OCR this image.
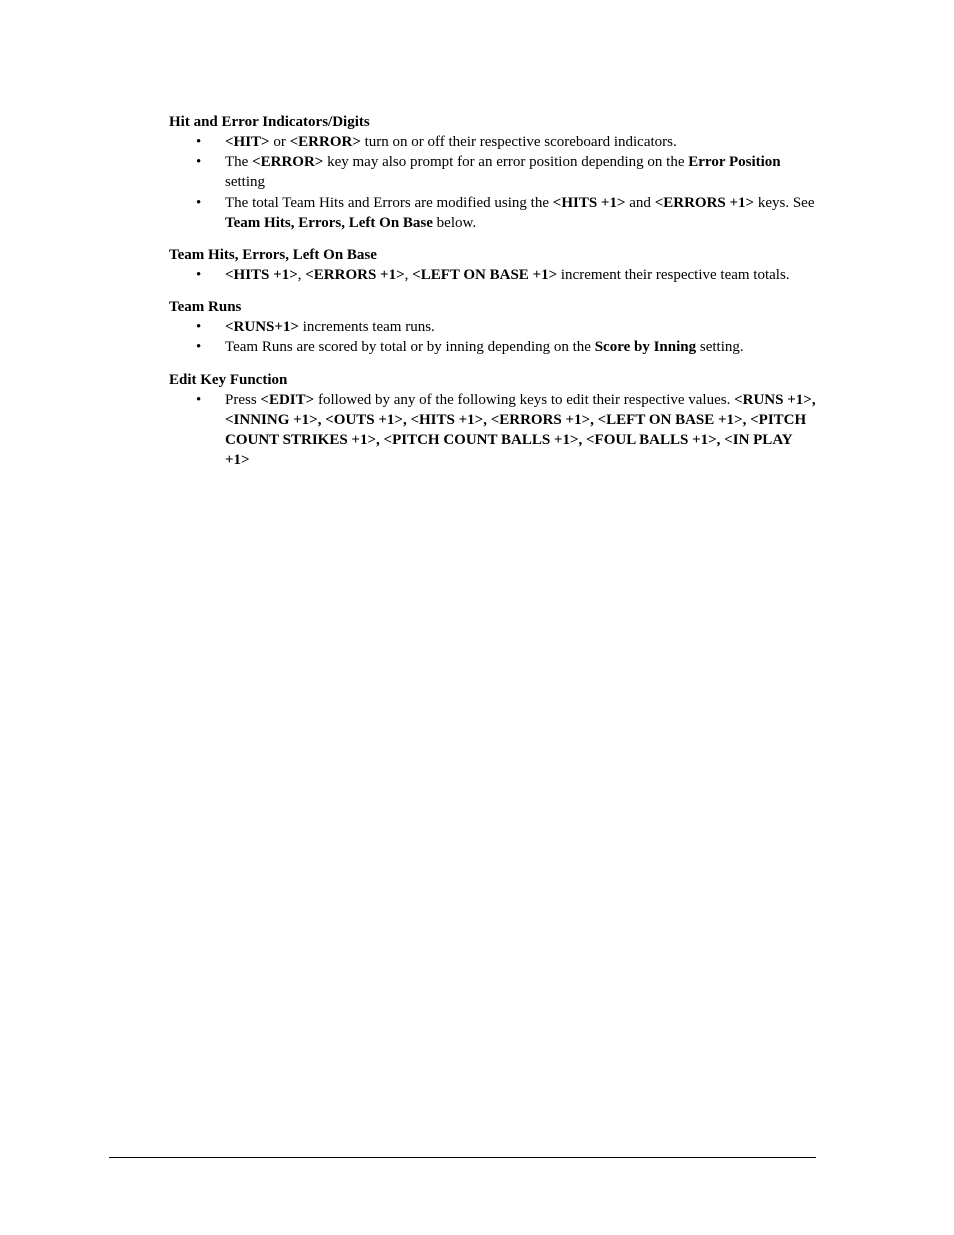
Hit and Error Indicators/Digits
• <HIT> or <ERROR> turn on or off their respective scoreboard indicators.
• The <ERROR> key may also prompt for an error position depending on the Error Position setting
• The total Team Hits and Errors are modified using the <HITS +1> and <ERRORS +1> keys. See Team Hits, Errors, Left On Base below.
Team Hits, Errors, Left On Base
• <HITS +1>, <ERRORS +1>, <LEFT ON BASE +1> increment their respective team totals.
Team Runs
• <RUNS+1> increments team runs.
• Team Runs are scored by total or by inning depending on the Score by Inning setting.
Edit Key Function
• Press <EDIT> followed by any of the following keys to edit their respective values. <RUNS +1>, <INNING +1>, <OUTS +1>, <HITS +1>, <ERRORS +1>, <LEFT ON BASE +1>, <PITCH COUNT STRIKES +1>, <PITCH COUNT BALLS +1>, <FOUL BALLS +1>, <IN PLAY +1>
